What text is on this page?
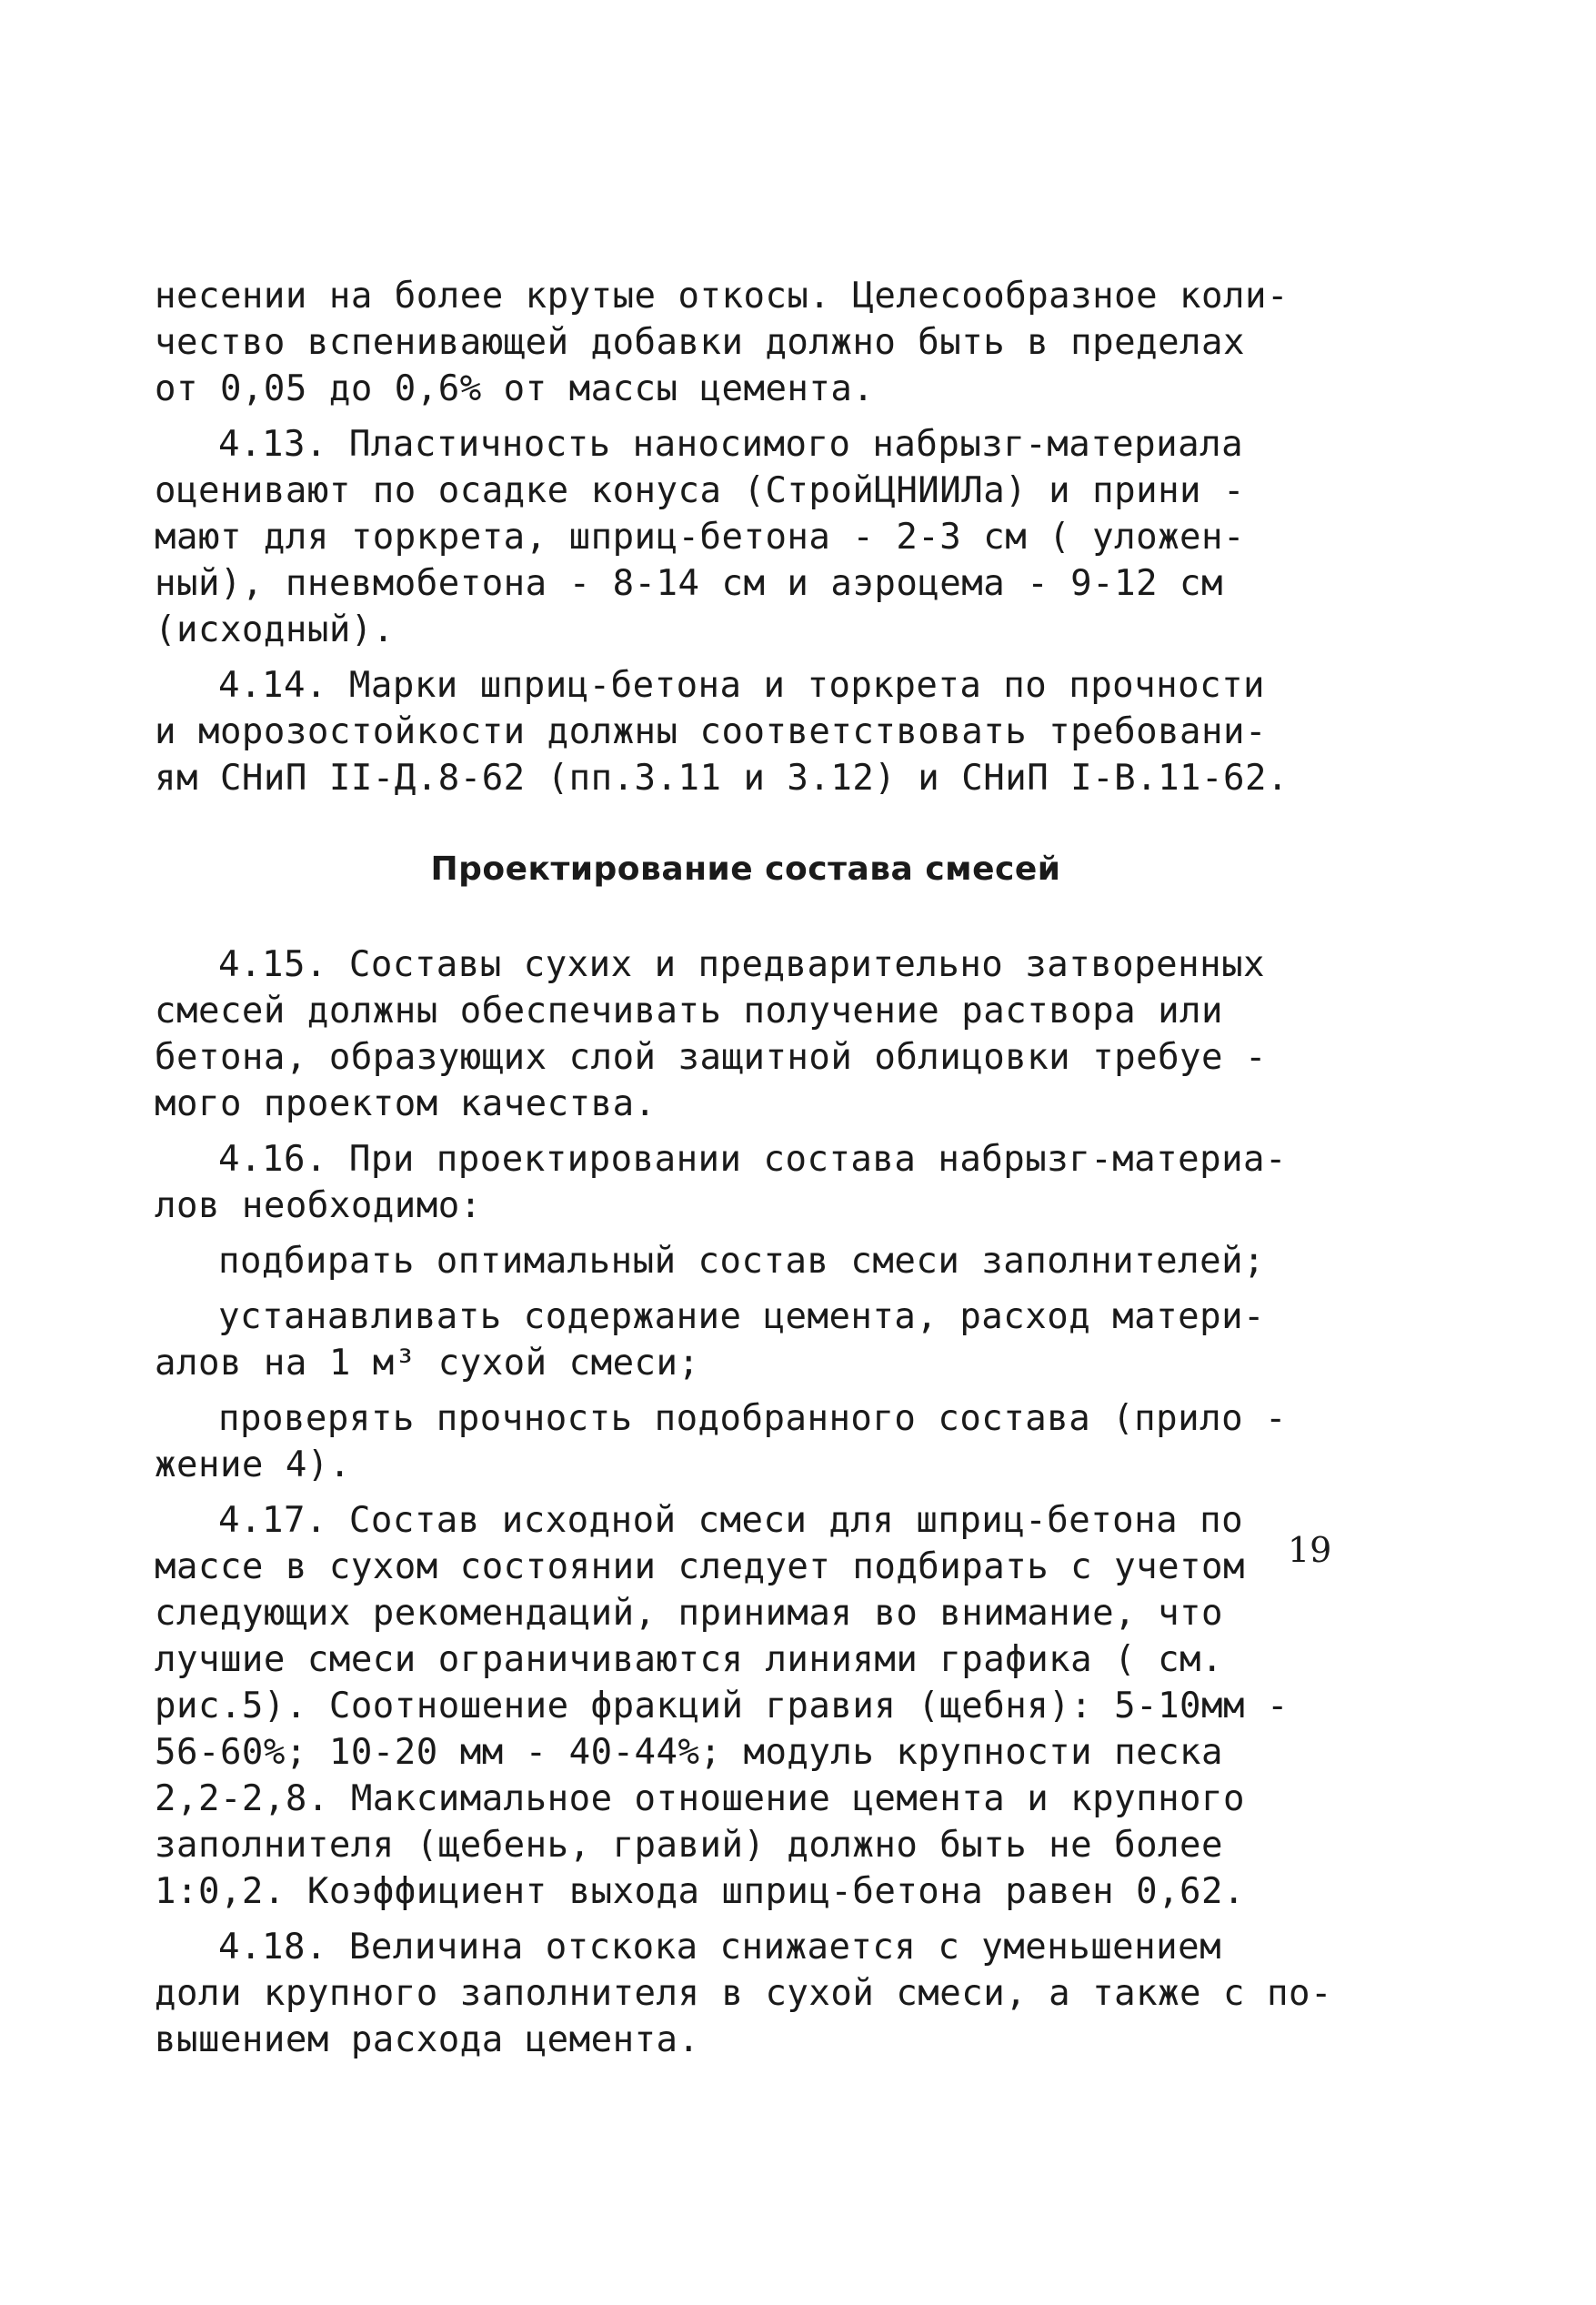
несении на более крутые откосы. Целесообразное коли-
чество вспенивающей добавки должно быть в пределах
от 0,05 до 0,6% от массы цемента.
4.13. Пластичность наносимого набрызг-материала
оценивают по осадке конуса (СтройЦНИИЛа) и прини -
мают для торкрета, шприц-бетона - 2-3 см ( уложен-
ный), пневмобетона - 8-14 см и аэроцема - 9-12 см
(исходный).
4.14. Марки шприц-бетона и торкрета по прочности
и морозостойкости должны соответствовать требовани-
ям СНиП II-Д.8-62 (пп.3.11 и 3.12) и СНиП I-В.11-62.
Проектирование состава смесей
4.15. Составы сухих и предварительно затворенных
смесей должны обеспечивать получение раствора или
бетона, образующих слой защитной облицовки требуе -
мого проектом качества.
4.16. При проектировании состава набрызг-материа-
лов необходимо:
подбирать оптимальный состав смеси заполнителей;
устанавливать содержание цемента, расход матери-
алов на 1 м³ сухой смеси;
проверять прочность подобранного состава (прило -
жение 4).
4.17. Состав исходной смеси для шприц-бетона по
массе в сухом состоянии следует подбирать с учетом
следующих рекомендаций, принимая во внимание, что
лучшие смеси ограничиваются линиями графика ( см.
рис.5). Соотношение фракций гравия (щебня): 5-10мм -
56-60%; 10-20 мм - 40-44%; модуль крупности песка
2,2-2,8. Максимальное отношение цемента и крупного
заполнителя (щебень, гравий) должно быть не более
1:0,2. Коэффициент выхода шприц-бетона равен 0,62.
4.18. Величина отскока снижается с уменьшением
доли крупного заполнителя в сухой смеси, а также с по-
вышением расхода цемента.
19
